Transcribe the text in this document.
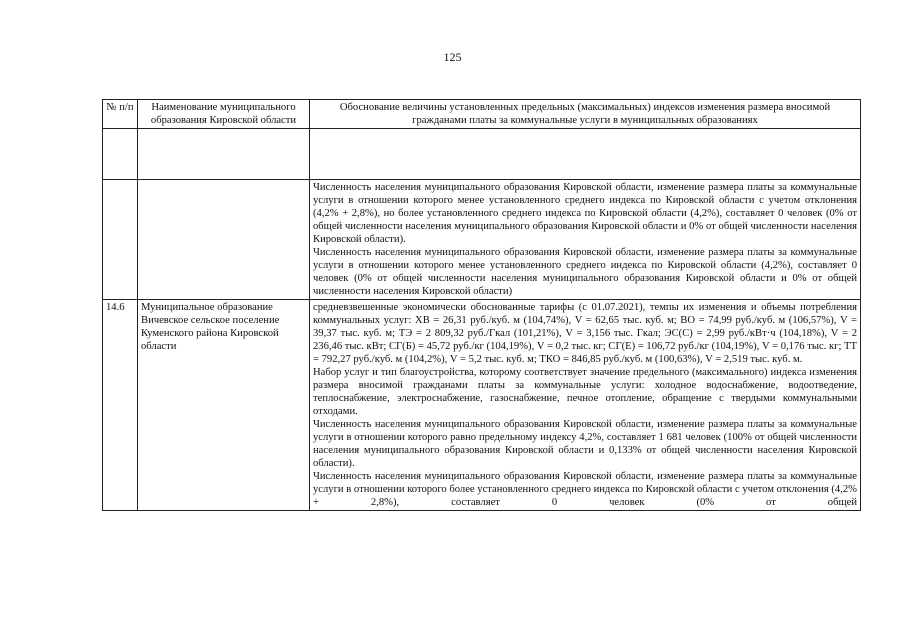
125
№ п/п	Наименование муниципального образования Кировской области	Обоснование величины установленных предельных (максимальных) индексов изменения размера вносимой гражданами платы за коммунальные услуги в муниципальных образованиях

		Численность населения муниципального образования Кировской области, изменение размера платы за коммунальные услуги в отношении которого менее установленного среднего индекса по Кировской области с учетом отклонения (4,2% + 2,8%), но более установленного среднего индекса по Кировской области (4,2%), составляет 0 человек (0% от общей численности населения муниципального образования Кировской области и 0% от общей численности населения Кировской области).

Численность населения муниципального образования Кировской области, изменение размера платы за коммунальные услуги в отношении которого менее установленного среднего индекса по Кировской области (4,2%), составляет 0 человек (0% от общей численности населения муниципального образования Кировской области и 0% от общей численности населения Кировской области)

14.6	Муниципальное образование Вичевское сельское поселение Куменского района Кировской области	средневзвешенные экономически обоснованные тарифы (с 01.07.2021), темпы их изменения и объемы потребления коммунальных услуг: ХВ = 26,31 руб./куб. м (104,74%), V = 62,65 тыс. куб. м; ВО = 74,99 руб./куб. м (106,57%), V = 39,37 тыс. куб. м; ТЭ = 2 809,32 руб./Гкал (101,21%), V = 3,156 тыс. Гкал; ЭС(С) = 2,99 руб./кВт·ч (104,18%), V = 2 236,46 тыс. кВт; СГ(Б) = 45,72 руб./кг (104,19%), V = 0,2 тыс. кг; СГ(Е) = 106,72 руб./кг (104,19%), V = 0,176 тыс. кг; ТТ = 792,27 руб./куб. м (104,2%), V = 5,2 тыс. куб. м; ТКО = 846,85 руб./куб. м (100,63%), V = 2,519 тыс. куб. м.

Набор услуг и тип благоустройства, которому соответствует значение предельного (максимального) индекса изменения размера вносимой гражданами платы за коммунальные услуги: холодное водоснабжение, водоотведение, теплоснабжение, электроснабжение, газоснабжение, печное отопление, обращение с твердыми коммунальными отходами.

Численность населения муниципального образования Кировской области, изменение размера платы за коммунальные услуги в отношении которого равно предельному индексу 4,2%, составляет 1 681 человек (100% от общей численности населения муниципального образования Кировской области и 0,133% от общей численности населения Кировской области).

Численность населения муниципального образования Кировской области, изменение размера платы за коммунальные услуги в отношении которого более установленного среднего индекса по Кировской области с учетом отклонения (4,2% + 2,8%), составляет 0 человек (0% от общей
